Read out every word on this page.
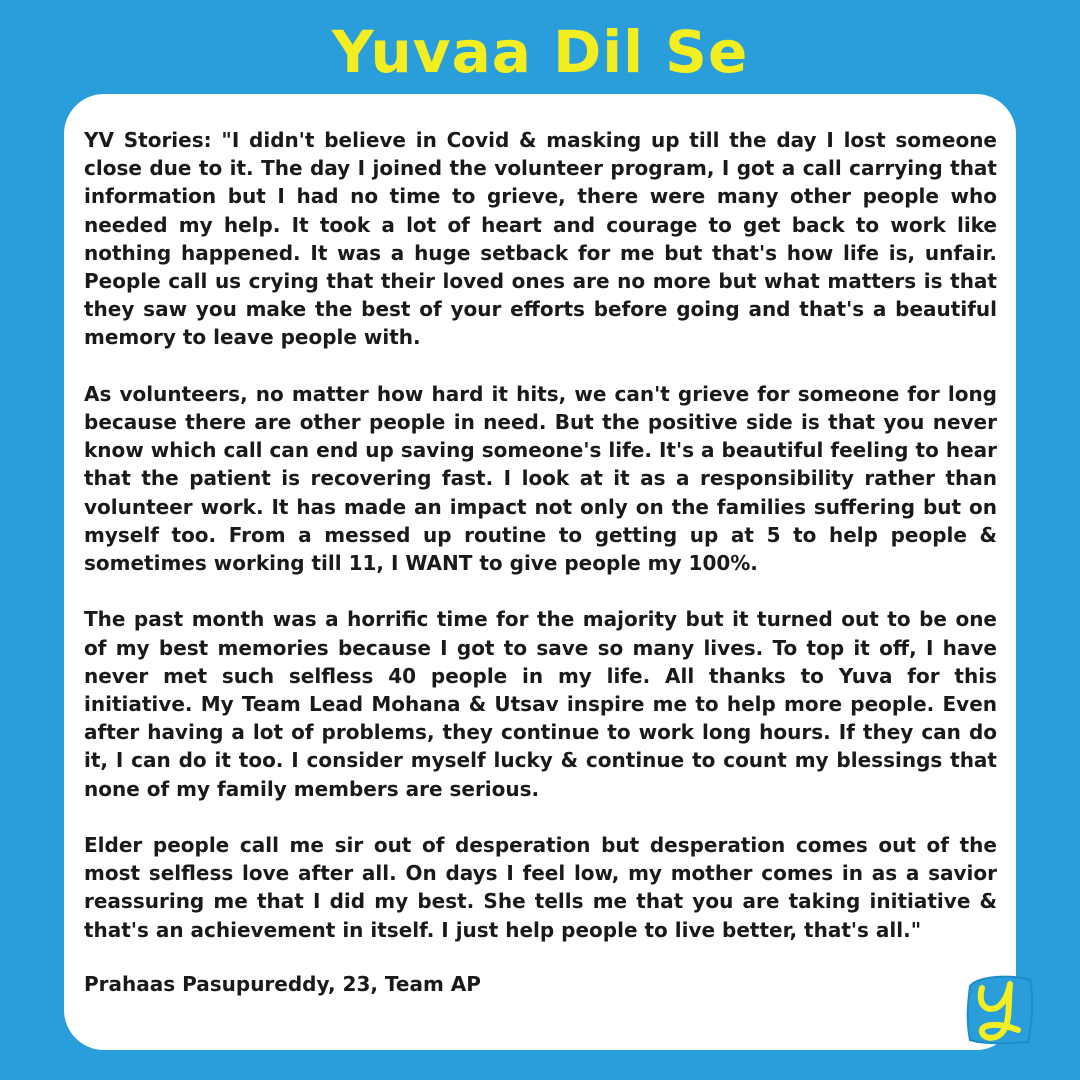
Yuvaa Dil Se

YV Stories: "I didn't believe in Covid & masking up till the day I lost someone close due to it. The day I joined the volunteer program, I got a call carrying that information but I had no time to grieve, there were many other people who needed my help. It took a lot of heart and courage to get back to work like nothing happened. It was a huge setback for me but that's how life is, unfair. People call us crying that their loved ones are no more but what matters is that they saw you make the best of your efforts before going and that's a beautiful memory to leave people with.

As volunteers, no matter how hard it hits, we can't grieve for someone for long because there are other people in need. But the positive side is that you never know which call can end up saving someone's life. It's a beautiful feeling to hear that the patient is recovering fast. I look at it as a responsibility rather than volunteer work. It has made an impact not only on the families suffering but on myself too. From a messed up routine to getting up at 5 to help people & sometimes working till 11, I WANT to give people my 100%.

The past month was a horrific time for the majority but it turned out to be one of my best memories because I got to save so many lives. To top it off, I have never met such selfless 40 people in my life. All thanks to Yuva for this initiative. My Team Lead Mohana & Utsav inspire me to help more people. Even after having a lot of problems, they continue to work long hours. If they can do it, I can do it too. I consider myself lucky & continue to count my blessings that none of my family members are serious.

Elder people call me sir out of desperation but desperation comes out of the most selfless love after all. On days I feel low, my mother comes in as a savior reassuring me that I did my best. She tells me that you are taking initiative & that's an achievement in itself. I just help people to live better, that's all."

Prahaas Pasupureddy, 23, Team AP
